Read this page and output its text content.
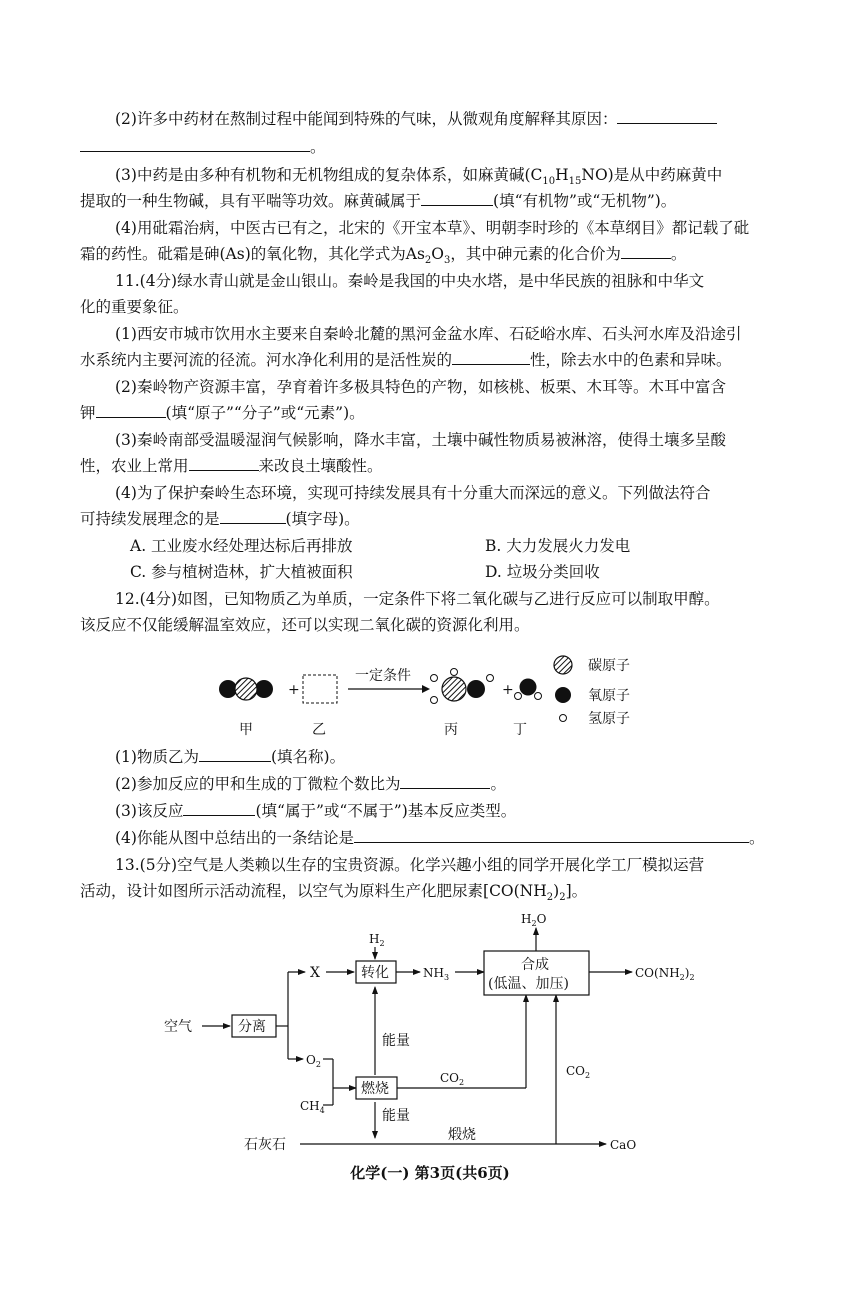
(2)许多中药材在熬制过程中能闻到特殊的气味，从微观角度解释其原因：
。
(3)中药是由多种有机物和无机物组成的复杂体系，如麻黄碱$(C_{10}H_{15}NO)$是从中药麻黄中
提取的一种生物碱，具有平喘等功效。麻黄碱属于	(填“有机物”或“无机物”)。
(4)用砒霜治病，中医古已有之，北宋的《开宝本草》、明朝李时珍的《本草纲目》都记载了砒
霜的药性。砒霜是砷(As)的氧化物，其化学式为$As_2O_3$，其中砷元素的化合价为	。
11.(4分)绿水青山就是金山银山。秦岭是我国的中央水塔，是中华民族的祖脉和中华文
化的重要象征。
(1)西安市城市饮用水主要来自秦岭北麓的黑河金盆水库、石砭峪水库、石头河水库及沿途引
水系统内主要河流的径流。河水净化利用的是活性炭的	性，除去水中的色素和异味。
(2)秦岭物产资源丰富，孕育着许多极具特色的产物，如核桃、板栗、木耳等。木耳中富含
钾	(填“原子”“分子”或“元素”)。
(3)秦岭南部受温暖湿润气候影响，降水丰富，土壤中碱性物质易被淋溶，使得土壤多呈酸
性，农业上常用	来改良土壤酸性。
(4)为了保护秦岭生态环境，实现可持续发展具有十分重大而深远的意义。下列做法符合
可持续发展理念的是	(填字母)。
A. 工业废水经处理达标后再排放	B. 大力发展火力发电
C. 参与植树造林，扩大植被面积	D. 垃圾分类回收
12.(4分)如图，已知物质乙为单质，一定条件下将二氧化碳与乙进行反应可以制取甲醇。
该反应不仅能缓解温室效应，还可以实现二氧化碳的资源化利用。
+
一定条件
+
甲	乙	丙	丁
碳原子
氧原子
氢原子
(1)物质乙为	(填名称)。
(2)参加反应的甲和生成的丁微粒个数比为	。
(3)该反应	(填“属于”或“不属于”)基本反应类型。
(4)你能从图中总结出的一条结论是	。
13.(5分)空气是人类赖以生存的宝贵资源。化学兴趣小组的同学开展化学工厂模拟运营
活动，设计如图所示活动流程，以空气为原料生产化肥尿素$[CO(NH_2)_2]$。
空气	分离
X
$O_2$
$H_2$
转化	$NH_3$
合成
(低温、加压)
$H_2O$
$CO(NH_2)_2$
能量
燃烧
$CO_2$
$CH_4$	能量
石灰石
煅烧
CaO
$CO_2$
化学(一) 第3页(共6页)
